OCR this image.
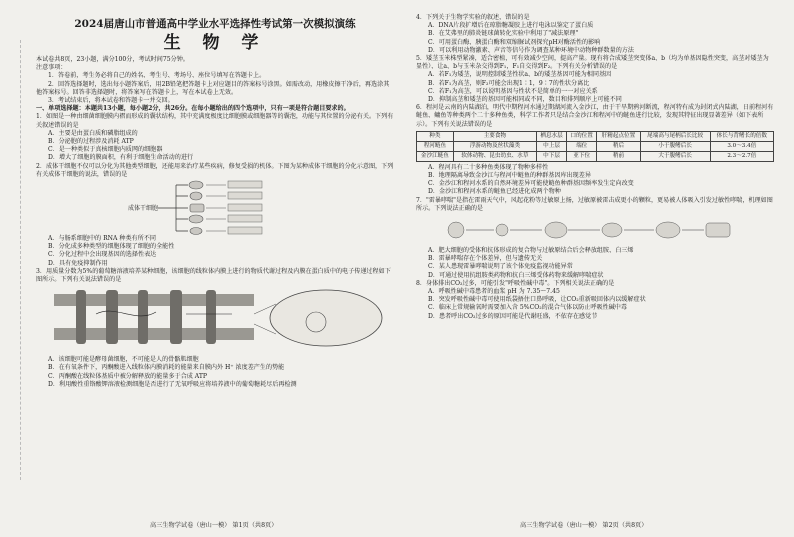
2024届唐山市普通高中学业水平选择性考试第一次模拟演练
生 物 学

本试卷共8页，23小题，满分100分，考试时间75分钟。

注意事项：

1．答卷前，考生务必将自己的姓名、考生号、考场号、座位号填写在答题卡上。

2．回答选择题时，选出每小题答案后，用2B铅笔把答题卡上对应题目的答案标号涂黑。如需改动，用橡皮擦干净后，再选涂其他答案标号。回答非选择题时，将答案写在答题卡上，写在本试卷上无效。

3．考试结束后，将本试卷和答题卡一并交回。

一、单项选择题：本题共13小题，每小题2分，共26分。在每小题给出的四个选项中，只有一项是符合题目要求的。

1．如图是一种由细菌细胞膜内褶而形成的囊状结构，其中充满度极度比细胞膜或细胞器等的囊泡，功能与其位置的分泌有关。下列有关叙述错误的是

A．主要是由蛋白质和磷脂组成的

B．分泌胞的过程涉及消耗 ATP

C．是一种类似于真核细胞内质网的细胞器

D．增大了细胞的膜面积，有利于细胞生命活动的进行

2．成体干细胞不仅可以分化为其他类型细胞，还能用来治疗某些疾病，修复受损的机体。下图为某种成体干细胞的分化示意图，下列有关成体干细胞的说法，错误的是

成体干细胞

A．与肠系细胞中的 RNA 种类有所不同

B．分化成多种类型的细胞体现了细胞的全能性

C．分化过程中会出现基因的选择性表达

D．具有免疫抑制作用

3．用质量分数为5%的葡萄糖溶液培养某种细胞，该细胞的线粒体内膜上进行的物质代谢过程及内膜在蛋白质中的电子传递过程如下图所示。下列有关说法错误的是

A．该细胞可能是酵母菌细胞，不可能是人的骨骼肌细胞

B．在有氧条件下，丙酮酸进入线粒体内膜消耗的能量来自膜内外 H⁺ 浓度差产生的势能

C．丙酮酸在线粒体基质中被分解释放的能量多于合成 ATP

D．利用酸性重铬酸钾溶液检测细胞是否进行了无氧呼吸应将培养液中的葡萄糖耗尽后再检测

高三生物学试卷（唐山一模） 第1页（共8页）

4．下列关于生物学实验的叙述，错误的是

A．DNA片段扩增后在琼脂糖凝胶上进行电泳以鉴定了蛋白质

B．在艾弗里的肺炎链球菌转化实验中利用了"减法原理"

C．可用蛋白酶、胰蛋白酶和双缩脲试剂探究pH对酶活性的影响

D．可以利用动物激素、声音等信号作为调查某种环境中动物种群数量的方法

5．矮茎玉米株型紧凑，适合密植，可有效减少空间，提高产量。现有将合成矮茎突变体a、b（均为单基因隐性突变，高茎对矮茎为显性）、让a、b与玉米杂交得到F₁，F₁自交得到F₂。下列有关分析错误的是

A．若F₁为矮茎，说明控制矮茎性状a、b的矮茎基因可能为相同基因

B．若F₁为高茎，则F₂可能会出现1∶1，9∶7的性状分离比

C．若F₁为高茎，可以说明基因与性状不是简单的一一对应关系

D．抑制高茎和矮茎的基因可能相同或不同，数目和排列顺序上可能不同

6．程河是云南的内陆湖泊，明代中期程河水通过期湖河流入金沙江，由于干旱期鸦河断流，程河特有成为封闭式内陆湖，日前程河有鲢鱼、鳙鱼等种类两个二十多种鱼类，科学工作者只是结合金沙江和程河中的鲢鱼进行比较，发现其特征出现显著差异（如下表所示）。下列有关说法错误的是

种类	主要食物	栖息水层	口的位置	肝精起点位置	尾端高与尾柄后长比较	体长与背鳍长的倍数
程河鲢鱼	浮游动物及丝状藻类	中上层	端位	稍后	小于腹鳍后长	3.0～3.4倍
金沙江鲢鱼	软体动物、昆虫幼虫、水草	中下层	亚下位	稍前	大于腹鳍后长	2.3～2.7倍

A．程河具有二十多种鱼类体现了物种多样性

B．地理隔离导致金沙江与程河中鲢鱼的种群基因库出现差异

C．金沙江和程河水系的自然环境差异可能使鲢鱼种群基因频率发生定向改变

D．金沙江和程河水系的鲢鱼已经进化成两个物种

7．"雷暴哮喘"是指在雷雨天气中，风起花粉等过敏原上扬，过敏原被雷击成更小的颗粒，更易被人体吸入引发过敏性哮喘，机理如图所示。下列说法正确的是

A．肥大细胞的受体和抗体形成的复合物与过敏原结合后会释放组胺、白三烯

B．雷暴哮喘存在个体差异，但与遗传无关

C．某人患现雷暴哮喘说明了该个体免疫监视功能异常

D．可通过使用抗组胺类药物和抗白三烯受体药物来缓解哮喘症状

8．身体排出CO₂过多，可能引发"呼吸性碱中毒"。下列相关说法正确的是

A．呼吸性碱中毒患者的血浆 pH 为 7.35～7.45

B．突发呼吸性碱中毒可使用纸袋捂住口鼻呼吸，让CO₂重新吸回体内以缓解症状

C．临床上常规输氧时需要加入含 5%CO₂的混合气体以防止呼吸性碱中毒

D．患者呼出CO₂过多的原因可能是代谢旺盛，不依存在感觉节

高三生物学试卷（唐山一模） 第2页（共8页）
